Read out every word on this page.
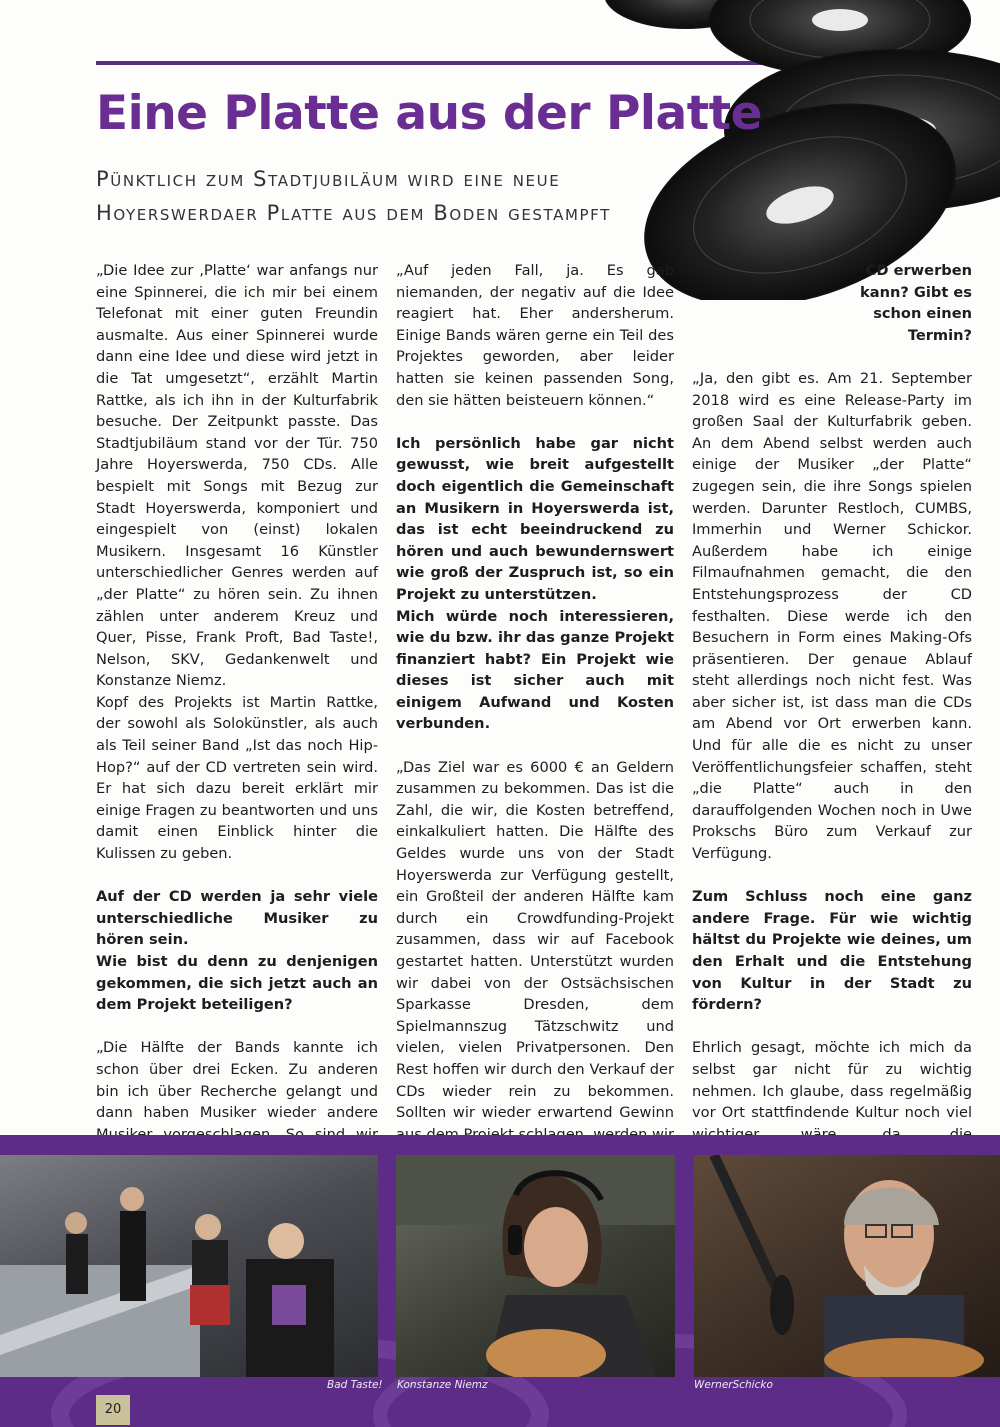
Eine Platte aus der Platte
Pünktlich zum Stadtjubiläum wird eine neue
Hoyerswerdaer Platte aus dem Boden gestampft

„Die Idee zur ‚Platte‘ war anfangs nur eine Spinnerei, die ich mir bei einem Telefonat mit einer guten Freundin ausmalte. Aus einer Spinnerei wurde dann eine Idee und diese wird jetzt in die Tat umgesetzt“, erzählt Martin Rattke, als ich ihn in der Kulturfabrik besuche. Der Zeitpunkt passte. Das Stadtjubiläum stand vor der Tür. 750 Jahre Hoyerswerda, 750 CDs. Alle bespielt mit Songs mit Bezug zur Stadt Hoyerswerda, komponiert und eingespielt von (einst) lokalen Musikern. Insgesamt 16 Künstler unterschiedlicher Genres werden auf „der Platte“ zu hören sein. Zu ihnen zählen unter anderem Kreuz und Quer, Pisse, Frank Proft, Bad Taste!, Nelson, SKV, Gedankenwelt und Konstanze Niemz.

Kopf des Projekts ist Martin Rattke, der sowohl als Solokünstler, als auch als Teil seiner Band „Ist das noch Hip-Hop?“ auf der CD vertreten sein wird. Er hat sich dazu bereit erklärt mir einige Fragen zu beantworten und uns damit einen Einblick hinter die Kulissen zu geben.

Auf der CD werden ja sehr viele unterschiedliche Musiker zu hören sein.

Wie bist du denn zu denjenigen gekommen, die sich jetzt auch an dem Projekt beteiligen?

„Die Hälfte der Bands kannte ich schon über drei Ecken. Zu anderen bin ich über Recherche gelangt und dann haben Musiker wieder andere

„Auf jeden Fall, ja. Es gab niemanden, der negativ auf die Idee reagiert hat. Eher andersherum. Einige Bands wären gerne ein Teil des Projektes geworden, aber leider hatten sie keinen passenden Song, den sie hätten beisteuern können.“

Ich persönlich habe gar nicht gewusst, wie breit aufgestellt doch eigentlich die Gemeinschaft an Musikern in Hoyerswerda ist, das ist echt beeindruckend zu hören und auch bewundernswert wie groß der Zuspruch ist, so ein Projekt zu unterstützen.

Mich würde noch interessieren, wie du bzw. ihr das ganze Projekt finanziert habt? Ein Projekt wie dieses ist sicher auch mit einigem Aufwand und Kosten verbunden.

„Das Ziel war es 6000 € an Geldern zusammen zu bekommen. Das ist die Zahl, die wir, die Kosten betreffend, einkalkuliert hatten. Die Hälfte des Geldes wurde uns von der Stadt Hoyerswerda zur Verfügung gestellt, ein Großteil der anderen Hälfte kam durch ein Crowdfunding-Projekt zusammen, dass wir auf Facebook gestartet hatten. Unterstützt wurden wir dabei von der Ostsächsischen Sparkasse Dresden, dem Spielmannszug Tätzschwitz und vielen, vielen Privatpersonen. Den Rest hoffen wir durch den Verkauf der CDs wieder rein zu bekommen. Sollten wir wieder erwartend Gewinn

CD erwerben kann? Gibt es schon einen Termin?

„Ja, den gibt es. Am 21. September 2018 wird es eine Release-Party im großen Saal der Kulturfabrik geben. An dem Abend selbst werden auch einige der Musiker „der Platte“ zugegen sein, die ihre Songs spielen werden. Darunter Restloch, CUMBS, Immerhin und Werner Schickor. Außerdem habe ich einige Filmaufnahmen gemacht, die den Entstehungsprozess der CD festhalten. Diese werde ich den Besuchern in Form eines Making-Ofs präsentieren. Der genaue Ablauf steht allerdings noch nicht fest. Was aber sicher ist, ist dass man die CDs am Abend vor Ort erwerben kann. Und für alle die es nicht zu unser Veröffentlichungsfeier schaffen, steht „die Platte“ auch in den darauffolgenden Wochen noch in Uwe Prokschs Büro zum Verkauf zur Verfügung.

Zum Schluss noch eine ganz andere Frage. Für wie wichtig hältst du Projekte wie deines, um den Erhalt und die Entstehung von Kultur in der Stadt zu fördern?

Ehrlich gesagt, möchte ich mich da selbst gar nicht für zu wichtig nehmen. Ich glaube, dass regelmäßig vor Ort stattfindende Kultur noch viel

Bad Taste! Konstanze Niemz	WernerSchicko
20
